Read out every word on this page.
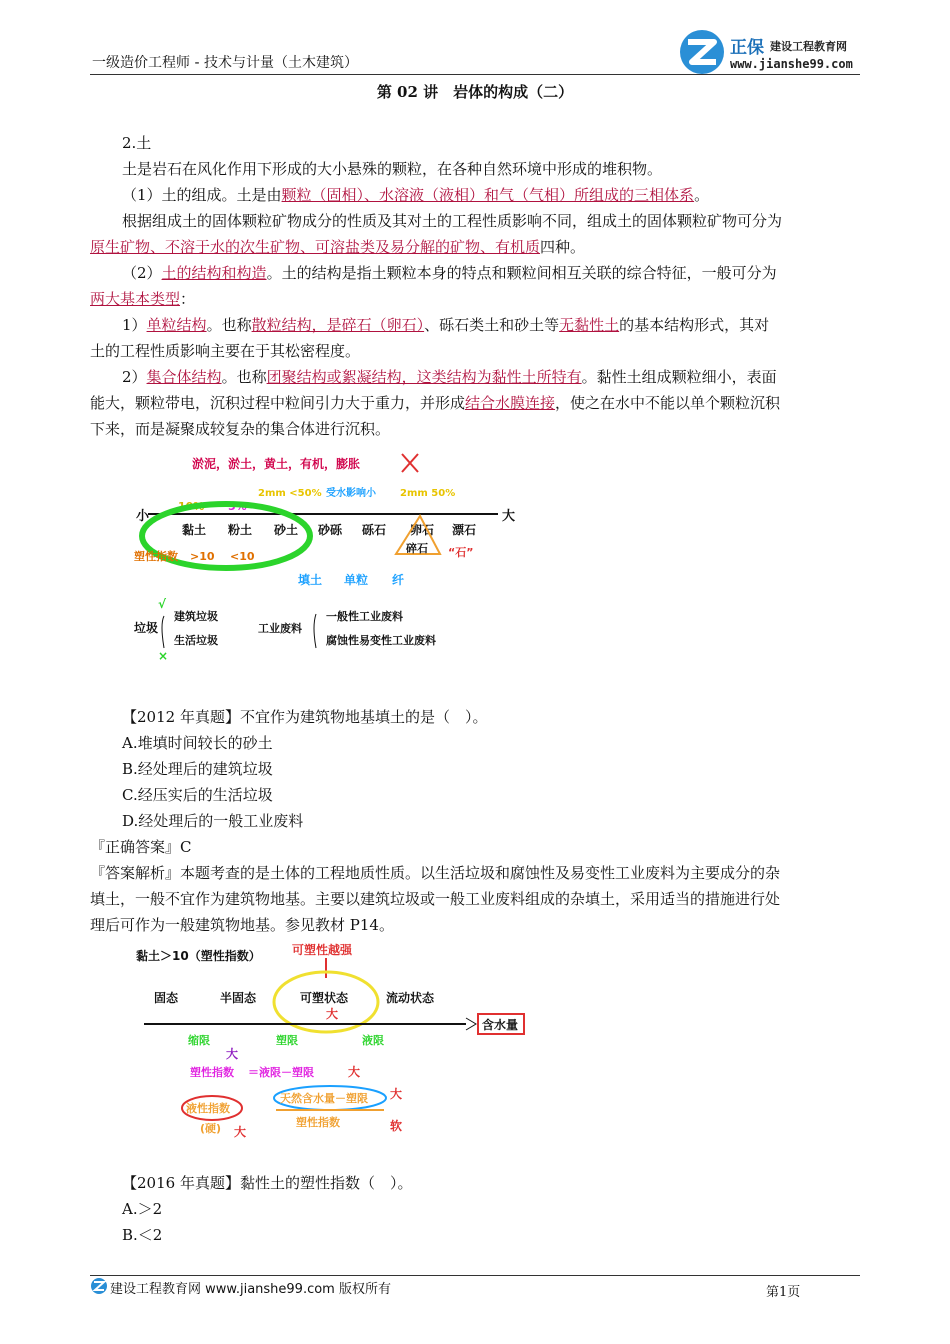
一级造价工程师 - 技术与计量（土木建筑）
正保 建设工程教育网
www.jianshe99.com
第 02 讲　岩体的构成（二）
2.土
土是岩石在风化作用下形成的大小悬殊的颗粒，在各种自然环境中形成的堆积物。
（1）土的组成。土是由颗粒（固相）、水溶液（液相）和气（气相）所组成的三相体系。
根据组成土的固体颗粒矿物成分的性质及其对土的工程性质影响不同，组成土的固体颗粒矿物可分为
原生矿物、不溶于水的次生矿物、可溶盐类及易分解的矿物、有机质四种。
（2）土的结构和构造。土的结构是指土颗粒本身的特点和颗粒间相互关联的综合特征，一般可分为
两大基本类型：
1）单粒结构。也称散粒结构，是碎石（卵石）、砾石类土和砂土等无黏性土的基本结构形式，其对
土的工程性质影响主要在于其松密程度。
2）集合体结构。也称团聚结构或絮凝结构，这类结构为黏性土所特有。黏性土组成颗粒细小，表面
能大，颗粒带电，沉积过程中粒间引力大于重力，并形成结合水膜连接，使之在水中不能以单个颗粒沉积
下来，而是凝聚成较复杂的集合体进行沉积。
淤泥，淤土，黄土，有机，膨胀
10% 5%
2mm <50% 受水影响小 2mm 50%
小	大
黏土 粉土 砂土 砂砾 砾石 卵石 漂石
碎石 “石”
塑性指数 >10 <10
填土 单粒 纤
√
垃圾
建筑垃圾
生活垃圾
工业废料
一般性工业废料
腐蚀性易变性工业废料
×
【2012 年真题】不宜作为建筑物地基填土的是（　）。
A.堆填时间较长的砂土
B.经处理后的建筑垃圾
C.经压实后的生活垃圾
D.经处理后的一般工业废料
『正确答案』C
『答案解析』本题考查的是土体的工程地质性质。以生活垃圾和腐蚀性及易变性工业废料为主要成分的杂
填土，一般不宜作为建筑物地基。主要以建筑垃圾或一般工业废料组成的杂填土，采用适当的措施进行处
理后可作为一般建筑物地基。参见教材 P14。
黏土＞10（塑性指数）	可塑性越强
固态	半固态	可塑状态
大
流动状态
含水量
缩限	塑限	液限
大
塑性指数 ＝液限－塑限	大
液性指数
(硬) 大
天然含水量－塑限
塑性指数
大
软
【2016 年真题】黏性土的塑性指数（　）。
A.＞2
B.＜2
建设工程教育网 www.jianshe99.com 版权所有	第1页
